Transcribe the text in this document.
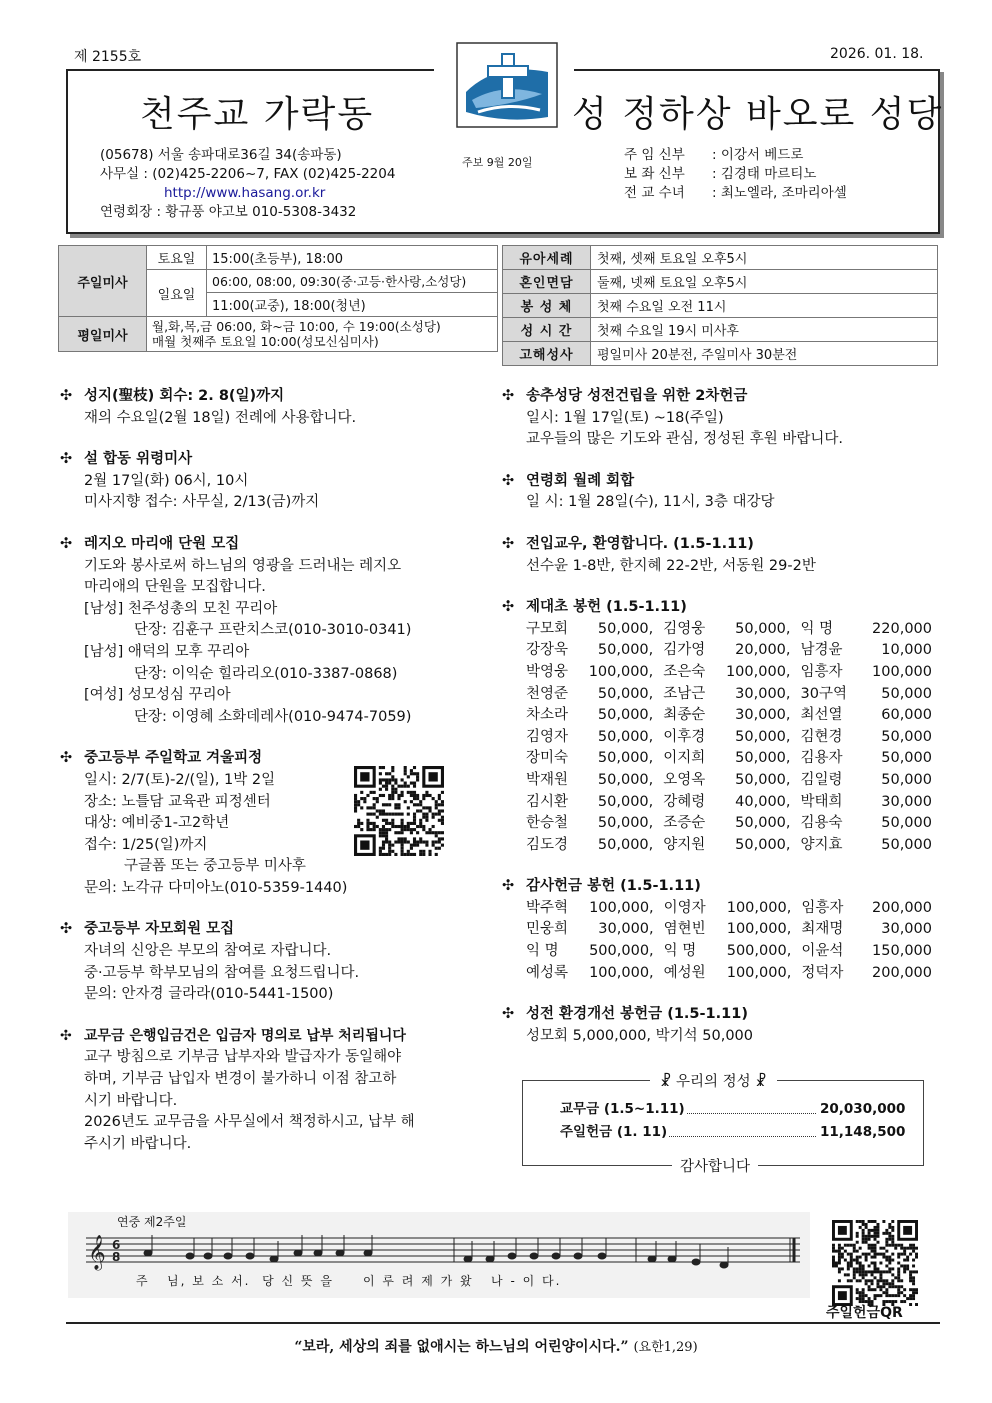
제 2155호	2026. 01. 18.
천주교 가락동	성 정하상 바오로 성당
(05678) 서울 송파대로36길 34(송파동)
사무실 : (02)425-2206~7, FAX (02)425-2204
http://www.hasang.or.kr
연령회장 : 황규풍 야고보 010-5308-3432
주보 9월 20일	주 임 신부 : 이강서 베드로
보 좌 신부 : 김경태 마르티노
전 교 수녀 : 최노엘라, 조마리아셀
주일미사	토요일	15:00(초등부), 18:00
	일요일	06:00, 08:00, 09:30(중·고등·한사랑,소성당)
		11:00(교중), 18:00(청년)
평일미사	월,화,목,금 06:00, 화~금 10:00, 수 19:00(소성당)
매월 첫째주 토요일 10:00(성모신심미사)	
유아세례	첫째, 셋째 토요일 오후5시
혼인면담	둘째, 넷째 토요일 오후5시
봉 성 체	첫째 수요일 오전 11시
성 시 간	첫째 수요일 19시 미사후
고해성사	평일미사 20분전, 주일미사 30분전
✣ 성지(聖枝) 회수: 2. 8(일)까지
재의 수요일(2월 18일) 전례에 사용합니다.
✣ 설 합동 위령미사
2월 17일(화) 06시, 10시
미사지향 접수: 사무실, 2/13(금)까지
✣ 레지오 마리애 단원 모집
기도와 봉사로써 하느님의 영광을 드러내는 레지오
마리애의 단원을 모집합니다.
[남성] 천주성총의 모친 꾸리아
단장: 김훈구 프란치스코(010-3010-0341)
[남성] 애덕의 모후 꾸리아
단장: 이익순 힐라리오(010-3387-0868)
[여성] 성모성심 꾸리아
단장: 이영혜 소화데레사(010-9474-7059)
✣ 중고등부 주일학교 겨울피정
일시: 2/7(토)-2/(일), 1박 2일
장소: 노틀담 교육관 피정센터
대상: 예비중1-고2학년
접수: 1/25(일)까지
구글폼 또는 중고등부 미사후
문의: 노각규 다미아노(010-5359-1440)
✣ 중고등부 자모회원 모집
자녀의 신앙은 부모의 참여로 자랍니다.
중·고등부 학부모님의 참여를 요청드립니다.
문의: 안자경 글라라(010-5441-1500)
✣ 교무금 은행입금건은 입금자 명의로 납부 처리됩니다
교구 방침으로 기부금 납부자와 발급자가 동일해야
하며, 기부금 납입자 변경이 불가하니 이점 참고하
시기 바랍니다.
2026년도 교무금을 사무실에서 책정하시고, 납부 해
주시기 바랍니다.
✣ 송추성당 성전건립을 위한 2차헌금
일시: 1월 17일(토) ~18(주일)
교우들의 많은 기도와 관심, 정성된 후원 바랍니다.
✣ 연령회 월례 회합
일 시: 1월 28일(수), 11시, 3층 대강당
✣ 전입교우, 환영합니다. (1.5-1.11)
선수윤 1-8반, 한지혜 22-2반, 서동원 29-2반
✣ 제대초 봉헌 (1.5-1.11)
구모회	50,000,	김영웅	50,000,	익 명	220,000
강장욱	50,000,	김가영	20,000,	남경윤	10,000
박영웅	100,000,	조은숙	100,000,	임흥자	100,000
천영준	50,000,	조남근	30,000,	30구역	50,000
차소라	50,000,	최종순	30,000,	최선열	60,000
김영자	50,000,	이후경	50,000,	김현경	50,000
장미숙	50,000,	이지희	50,000,	김용자	50,000
박재원	50,000,	오영옥	50,000,	김일령	50,000
김시환	50,000,	강혜령	40,000,	박태희	30,000
한승철	50,000,	조증순	50,000,	김용숙	50,000
김도경	50,000,	양지원	50,000,	양지효	50,000
✣ 감사헌금 봉헌 (1.5-1.11)
박주혁	100,000,	이영자	100,000,	임흥자	200,000
민웅희	30,000,	염현빈	100,000,	최재명	30,000
익 명	500,000,	익 명	500,000,	이윤석	150,000
예성록	100,000,	예성원	100,000,	정덕자	200,000
✣ 성전 환경개선 봉헌금 (1.5-1.11)
성모회 5,000,000, 박기석 50,000
☧ 우리의 정성 ☧
교무금 (1.5~1.11)	20,030,000
주일헌금 (1. 11)	11,148,500
감사합니다
𝄞 6
8
연중 제2주일
주   님, 보 소 서.  당 신 뜻 을     이 루 려 제 가 왔   나 - 이 다.
주일헌금QR
“보라, 세상의 죄를 없애시는 하느님의 어린양이시다.” (요한1,29)
